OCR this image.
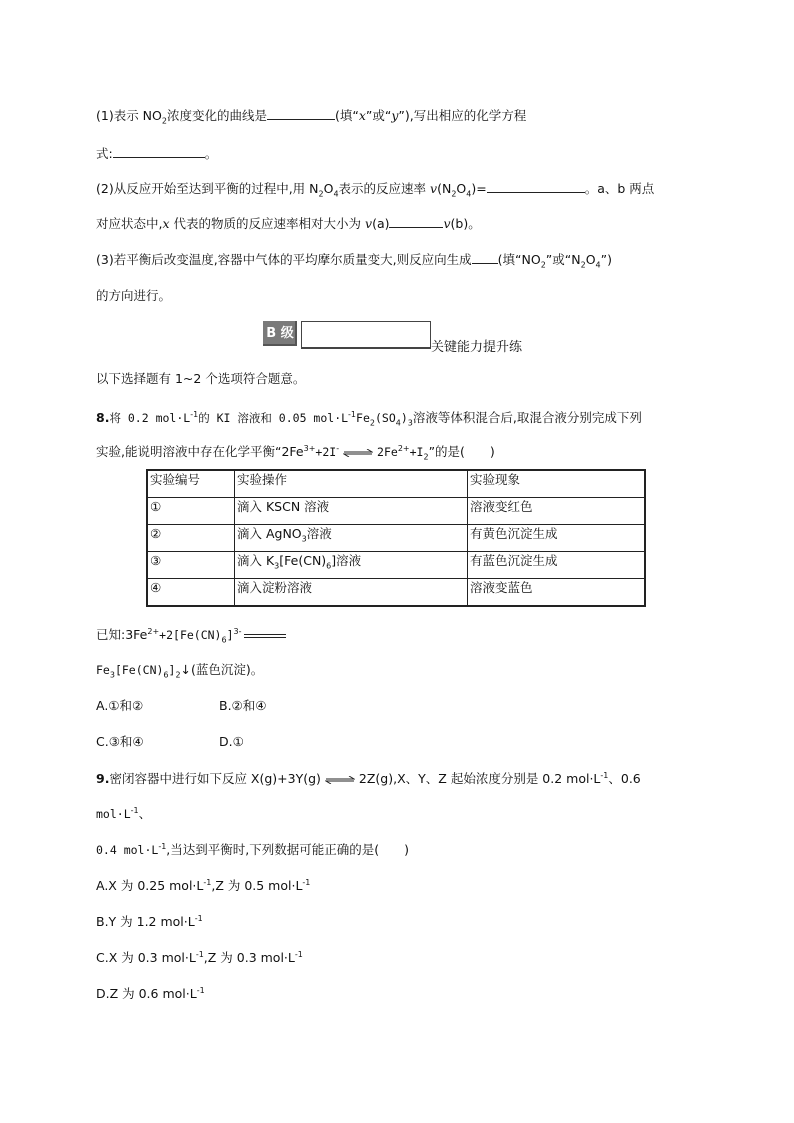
(1)表示 $NO_2$浓度变化的曲线是	(填“x”或“y”),写出相应的化学方程
式:	。
(2)从反应开始至达到平衡的过程中,用 $N_2O_4$表示的反应速率 $v(N_2O_4)=$	。a、b 两点
对应状态中,x 代表的物质的反应速率相对大小为 v(a)	v(b)。
(3)若平衡后改变温度,容器中气体的平均摩尔质量变大,则反应向生成 (填“$NO_2$”或“$N_2O_4$”)
的方向进行。
B 级
关键能力提升练
以下选择题有 1~2 个选项符合题意。
8.将 0.2 $mol\cdot L^{-1}$的 KI 溶液和 0.05 $mol\cdot L^{-1}Fe_2(SO_4)_3$溶液等体积混合后,取混合液分别完成下列
实验,能说明溶液中存在化学平衡“$2Fe^{3+}+2I^-$ ⇌ $2Fe^{2+}+I_2$”的是(　　)
实验编号	实验操作	实验现象
①	滴入 KSCN 溶液	溶液变红色
②	滴入 AgNO$_3$溶液	有黄色沉淀生成
③	滴入 $K_3[Fe(CN)_6]$溶液	有蓝色沉淀生成
④	滴入淀粉溶液	溶液变蓝色
已知$:3Fe^{2+}+2[Fe(CN)_6]^{3-}$
$Fe_3[Fe(CN)_6]_2↓$(蓝色沉淀)。
A.①和②	B.②和④
C.③和④	D.①
9.密闭容器中进行如下反应 X(g)+3Y(g) ⇌ 2Z(g),X、Y、Z 起始浓度分别是 0.2 $mol\cdot L^{-1}$、0.6
$mol\cdot L^{-1}$、
0.4 $mol\cdot L^{-1}$,当达到平衡时,下列数据可能正确的是(　　)
A.X 为 0.25 $mol\cdot L^{-1},Z$ 为 0.5 $mol\cdot L^{-1}$
B.Y 为 1.2 $mol\cdot L^{-1}$
C.X 为 0.3 $mol\cdot L^{-1},Z$ 为 0.3 $mol\cdot L^{-1}$
D.Z 为 0.6 $mol\cdot L^{-1}$
